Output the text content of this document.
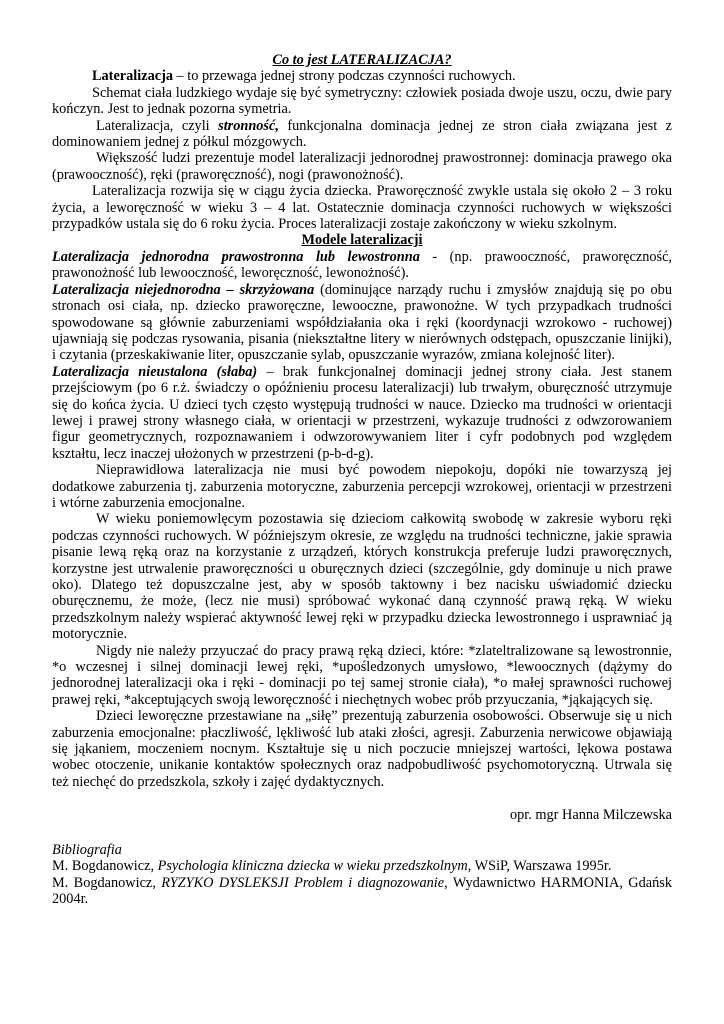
Co to jest LATERALIZACJA?

Lateralizacja – to przewaga jednej strony podczas czynności ruchowych.

Schemat ciała ludzkiego wydaje się być symetryczny: człowiek posiada dwoje uszu, oczu, dwie pary kończyn. Jest to jednak pozorna symetria.

Lateralizacja, czyli stronność, funkcjonalna dominacja jednej ze stron ciała związana jest z dominowaniem jednej z półkul mózgowych.

Większość ludzi prezentuje model lateralizacji jednorodnej prawostronnej: dominacja prawego oka (prawooczność), ręki (praworęczność), nogi (prawonożność).

Lateralizacja rozwija się w ciągu życia dziecka. Praworęczność zwykle ustala się około 2 – 3 roku życia, a leworęczność w wieku 3 – 4 lat. Ostatecznie dominacja czynności ruchowych w większości przypadków ustala się do 6 roku życia. Proces lateralizacji zostaje zakończony w wieku szkolnym.

Modele lateralizacji

Lateralizacja jednorodna prawostronna lub lewostronna - (np. prawooczność, praworęczność, prawonożność lub lewooczność, leworęczność, lewonożność).

Lateralizacja niejednorodna – skrzyżowana (dominujące narządy ruchu i zmysłów znajdują się po obu stronach osi ciała, np. dziecko praworęczne, lewooczne, prawonożne. W tych przypadkach trudności spowodowane są głównie zaburzeniami współdziałania oka i ręki (koordynacji wzrokowo - ruchowej) ujawniają się podczas rysowania, pisania (niekształtne litery w nierównych odstępach, opuszczanie linijki), i czytania (przeskakiwanie liter, opuszczanie sylab, opuszczanie wyrazów, zmiana kolejność liter).

Lateralizacja nieustalona (słaba) – brak funkcjonalnej dominacji jednej strony ciała. Jest stanem przejściowym (po 6 r.ż. świadczy o opóźnieniu procesu lateralizacji) lub trwałym, oburęczność utrzymuje się do końca życia. U dzieci tych często występują trudności w nauce. Dziecko ma trudności w orientacji lewej i prawej strony własnego ciała, w orientacji w przestrzeni, wykazuje trudności z odwzorowaniem figur geometrycznych, rozpoznawaniem i odwzorowywaniem liter i cyfr podobnych pod względem kształtu, lecz inaczej ułożonych w przestrzeni (p-b-d-g).

Nieprawidłowa lateralizacja nie musi być powodem niepokoju, dopóki nie towarzyszą jej dodatkowe zaburzenia tj. zaburzenia motoryczne, zaburzenia percepcji wzrokowej, orientacji w przestrzeni i wtórne zaburzenia emocjonalne.

W wieku poniemowlęcym pozostawia się dzieciom całkowitą swobodę w zakresie wyboru ręki podczas czynności ruchowych. W późniejszym okresie, ze względu na trudności techniczne, jakie sprawia pisanie lewą ręką oraz na korzystanie z urządzeń, których konstrukcja preferuje ludzi praworęcznych, korzystne jest utrwalenie praworęczności u oburęcznych dzieci (szczególnie, gdy dominuje u nich prawe oko). Dlatego też dopuszczalne jest, aby w sposób taktowny i bez nacisku uświadomić dziecku oburęcznemu, że może, (lecz nie musi) spróbować wykonać daną czynność prawą ręką. W wieku przedszkolnym należy wspierać aktywność lewej ręki w przypadku dziecka lewostronnego i usprawniać ją motorycznie.

Nigdy nie należy przyuczać do pracy prawą ręką dzieci, które: *zlateltralizowane są lewostronnie, *o wczesnej i silnej dominacji lewej ręki, *upośledzonych umysłowo, *lewoocznych (dążymy do jednorodnej lateralizacji oka i ręki - dominacji po tej samej stronie ciała), *o małej sprawności ruchowej prawej ręki, *akceptujących swoją leworęczność i niechętnych wobec prób przyuczania, *jąkających się.

Dzieci leworęczne przestawiane na „siłę” prezentują zaburzenia osobowości. Obserwuje się u nich zaburzenia emocjonalne: płaczliwość, lękliwość lub ataki złości, agresji. Zaburzenia nerwicowe objawiają się jąkaniem, moczeniem nocnym. Kształtuje się u nich poczucie mniejszej wartości, lękowa postawa wobec otoczenie, unikanie kontaktów społecznych oraz nadpobudliwość psychomotoryczną. Utrwala się też niechęć do przedszkola, szkoły i zajęć dydaktycznych.

opr. mgr Hanna Milczewska

Bibliografia

M. Bogdanowicz, Psychologia kliniczna dziecka w wieku przedszkolnym, WSiP, Warszawa 1995r.

M. Bogdanowicz, RYZYKO DYSLEKSJI Problem i diagnozowanie, Wydawnictwo HARMONIA, Gdańsk 2004r.
